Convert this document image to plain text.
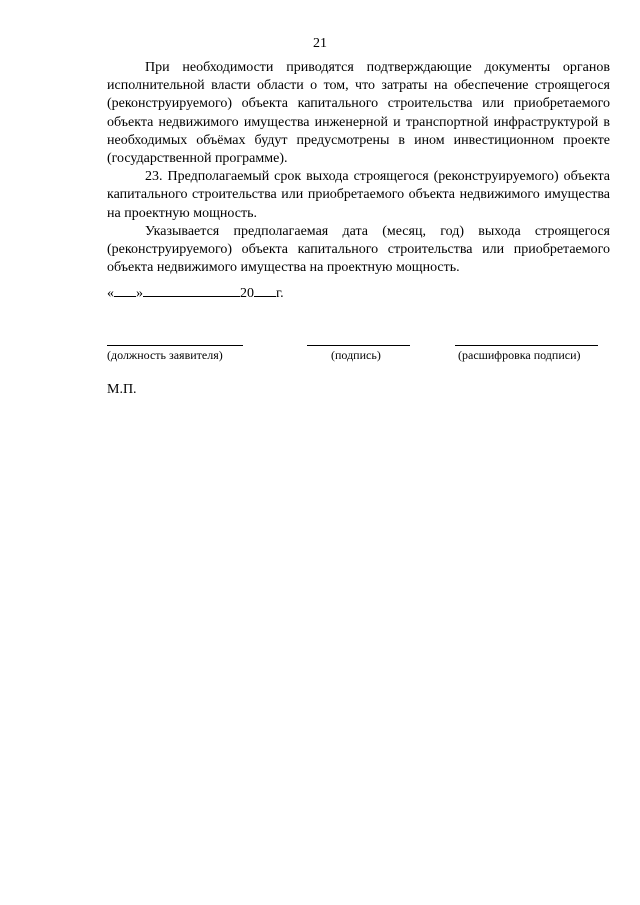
21

При необходимости приводятся подтверждающие документы органов исполнительной власти области о том, что затраты на обеспечение строящегося (реконструируемого) объекта капитального строительства или приобретаемого объекта недвижимого имущества инженерной и транспортной инфраструктурой в необходимых объёмах будут предусмотрены в ином инвестиционном проекте (государственной программе).

23. Предполагаемый срок выхода строящегося (реконструируемого) объекта капитального строительства или приобретаемого объекта недвижимого имущества на проектную мощность.

Указывается предполагаемая дата (месяц, год) выхода строящегося (реконструируемого) объекта капитального строительства или приобретаемого объекта недвижимого имущества на проектную мощность.

« »	20 г.
(должность заявителя)	(подпись)	(расшифровка подписи)
М.П.
